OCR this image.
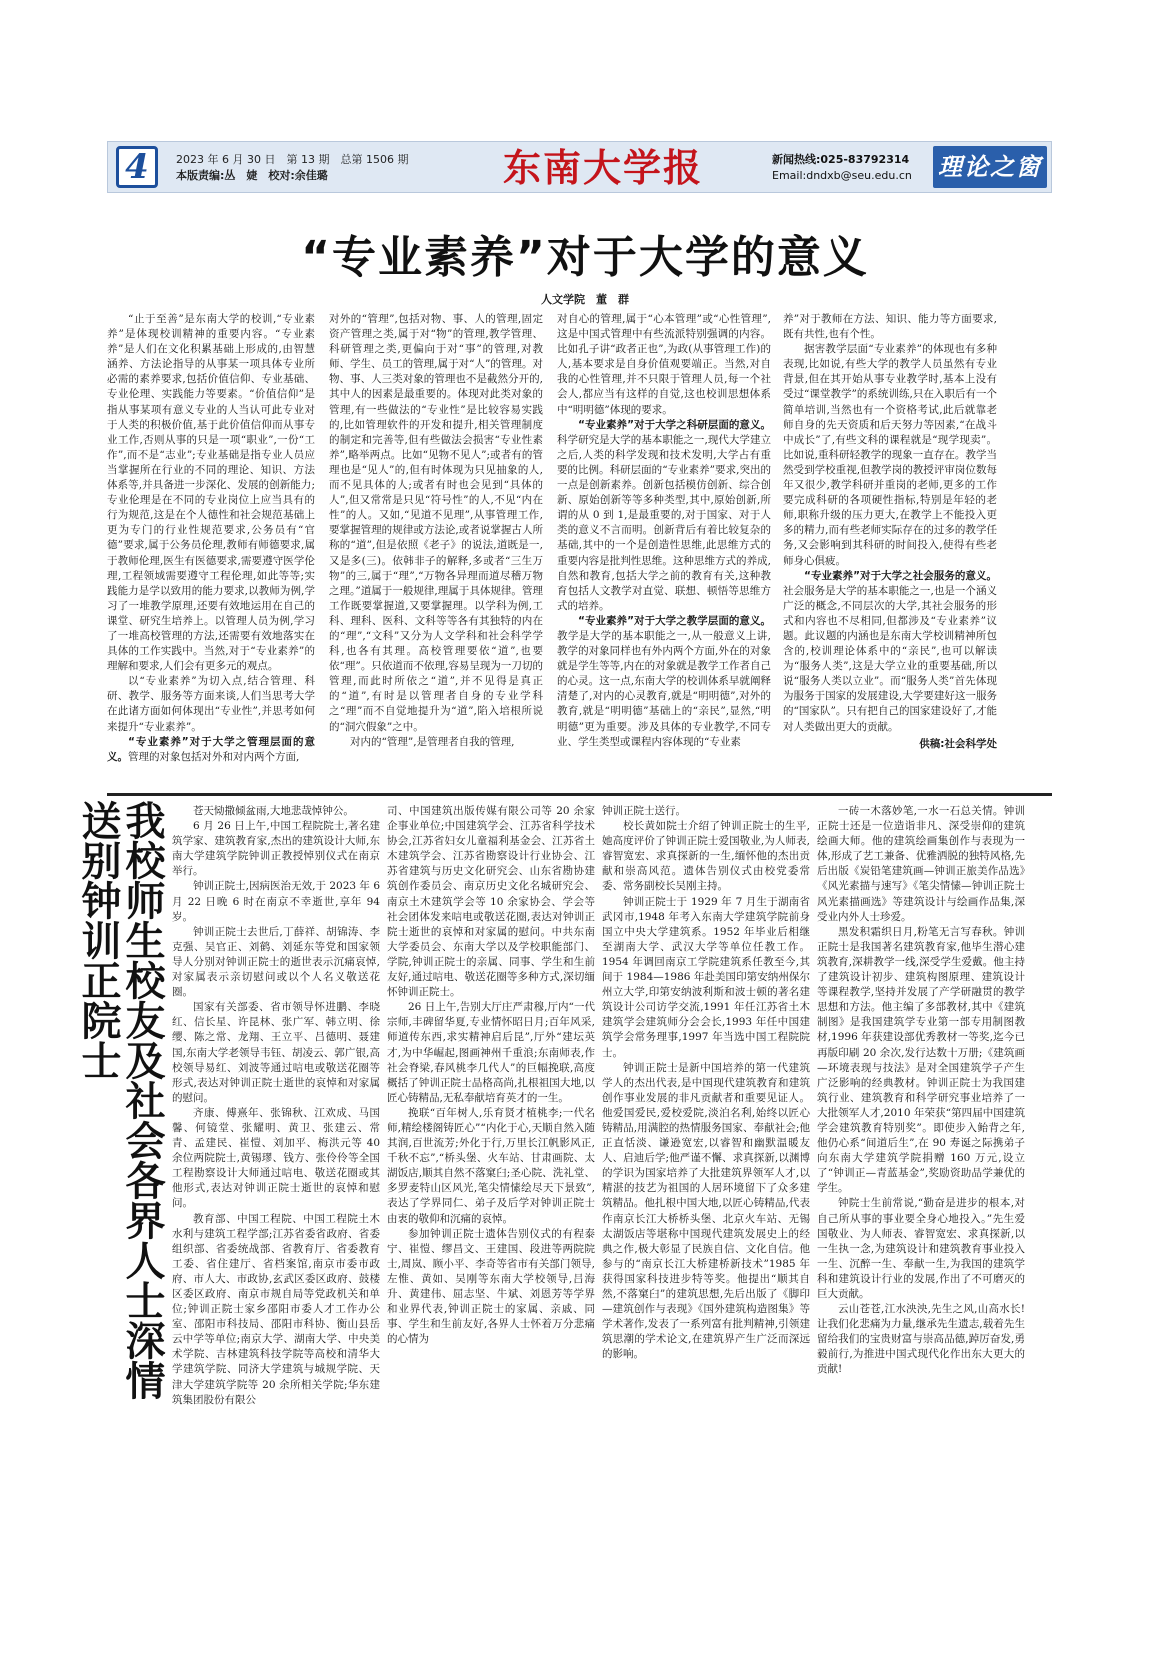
4	2023 年 6 月 30 日　第 13 期　总第 1506 期
本版责编:丛　婕　校对:余佳璐	东南大学报	新闻热线:025-83792314
Email:dndxb@seu.edu.cn 理论之窗
“专业素养”对于大学的意义
人文学院　董　群

“止于至善”是东南大学的校训,“专业素养”是体现校训精神的重要内容。“专业素养”是人们在文化积累基础上形成的,由智慧涵养、方法论指导的从事某一项具体专业所必需的素养要求,包括价值信仰、专业基础、专业伦理、实践能力等要素。“价值信仰”是指从事某项有意义专业的人当认可此专业对于人类的积极价值,基于此价值信仰而从事专业工作,否则从事的只是一项“职业”,一份“工作”,而不是“志业”;专业基础是指专业人员应当掌握所在行业的不同的理论、知识、方法体系等,并具备进一步深化、发展的创新能力;专业伦理是在不同的专业岗位上应当具有的行为规范,这是在个人德性和社会规范基础上更为专门的行业性规范要求,公务员有“官德”要求,属于公务员伦理,教师有师德要求,属于教师伦理,医生有医德要求,需要遵守医学伦理,工程领域需要遵守工程伦理,如此等等;实践能力是学以致用的能力要求,以教师为例,学习了一堆教学原理,还要有效地运用在自己的课堂、研究生培养上。以管理人员为例,学习了一堆高校管理的方法,还需要有效地落实在具体的工作实践中。当然,对于“专业素养”的理解和要求,人们会有更多元的观点。

以“专业素养”为切入点,结合管理、科研、教学、服务等方面来谈,人们当思考大学在此诸方面如何体现出“专业性”,并思考如何来提升“专业素养”。

“专业素养”对于大学之管理层面的意义。管理的对象包括对外和对内两个方面,

对外的“管理”,包括对物、事、人的管理,固定资产管理之类,属于对“物”的管理,教学管理、科研管理之类,更偏向于对“事”的管理,对教师、学生、员工的管理,属于对“人”的管理。对物、事、人三类对象的管理也不是截然分开的,其中人的因素是最重要的。体现对此类对象的管理,有一些做法的“专业性”是比较容易实践的,比如管理软件的开发和提升,相关管理制度的制定和完善等,但有些做法会损害“专业性素养”,略举两点。比如“见物不见人”;或者有的管理也是“见人”的,但有时体现为只见抽象的人,而不见具体的人;或者有时也会见到“具体的人”,但又常常是只见“符号性”的人,不见“内在性”的人。又如,“见道不见理”,从事管理工作,要掌握管理的规律或方法论,或者说掌握古人所称的“道”,但是依照《老子》的说法,道既是一,又是多(三)。依韩非子的解释,多或者“三生万物”的三,属于“理”,“万物各异理而道尽稽万物之理。”道属于一般规律,理属于具体规律。管理工作既要掌握道,又要掌握理。以学科为例,工科、理科、医科、文科等等各有其独特的内在的“理”,“文科”又分为人文学科和社会科学学科,也各有其理。高校管理要依“道”,也要依“理”。只依道而不依理,容易呈现为一刀切的管理,而此时所依之“道”,并不见得是真正的“道”,有时是以管理者自身的专业学科之“理”而不自觉地提升为“道”,陷入培根所说的“洞穴假象”之中。

对内的“管理”,是管理者自我的管理,

对自心的管理,属于“心本管理”或“心性管理”,这是中国式管理中有些流派特别强调的内容。比如孔子讲“政者正也”,为政(从事管理工作)的人,基本要求是自身价值观要端正。当然,对自我的心性管理,并不只限于管理人员,每一个社会人,都应当有这样的自觉,这也校训思想体系中“明明德”体现的要求。

“专业素养”对于大学之科研层面的意义。科学研究是大学的基本职能之一,现代大学建立之后,人类的科学发现和技术发明,大学占有重要的比例。科研层面的“专业素养”要求,突出的一点是创新素养。创新包括模仿创新、综合创新、原始创新等等多种类型,其中,原始创新,所谓的从 0 到 1,是最重要的,对于国家、对于人类的意义不言而明。创新背后有着比较复杂的基础,其中的一个是创造性思维,此思维方式的重要内容是批判性思维。这种思维方式的养成,自然和教育,包括大学之前的教育有关,这种教育包括人文教学对直觉、联想、顿悟等思维方式的培养。

“专业素养”对于大学之教学层面的意义。教学是大学的基本职能之一,从一般意义上讲,教学的对象同样也有外内两个方面,外在的对象就是学生等等,内在的对象就是教学工作者自己的心灵。这一点,东南大学的校训体系早就阐释清楚了,对内的心灵教育,就是“明明德”,对外的教育,就是“明明德”基础上的“亲民”,显然,“明明德”更为重要。涉及具体的专业教学,不同专业、学生类型或课程内容体现的“专业素

养”对于教师在方法、知识、能力等方面要求,既有共性,也有个性。

据害教学层面“专业素养”的体现也有多种表现,比如说,有些大学的教学人员虽然有专业背景,但在其开始从事专业教学时,基本上没有受过“课堂教学”的系统训练,只在入职后有一个简单培训,当然也有一个资格考试,此后就靠老师自身的先天资质和后天努力等因素,“在战斗中成长”了,有些文科的课程就是“现学现卖”。比如说,重科研轻教学的现象一直存在。教学当然受到学校重视,但教学岗的教授评审岗位数每年又很少,教学科研并重岗的老师,更多的工作要完成科研的各项硬性指标,特别是年轻的老师,职称升级的压力更大,在教学上不能投入更多的精力,而有些老师实际存在的过多的教学任务,又会影响到其科研的时间投入,使得有些老师身心俱疲。

“专业素养”对于大学之社会服务的意义。社会服务是大学的基本职能之一,也是一个涵义广泛的概念,不同层次的大学,其社会服务的形式和内容也不尽相同,但都涉及“专业素养”议题。此议题的内涵也是东南大学校训精神所包含的,校训理论体系中的“亲民”,也可以解读为“服务人类”,这是大学立业的重要基础,所以说“服务人类以立业”。而“服务人类”首先体现为服务于国家的发展建设,大学要建好这一服务的“国家队”。只有把自己的国家建设好了,才能对人类做出更大的贡献。

供稿:社会科学处
我校师生校友及社会各界人士深情送别钟训正院士	苍天恸撒倾盆雨,大地悲哉悼钟公。

6 月 26 日上午,中国工程院院士,著名建筑学家、建筑教育家,杰出的建筑设计大师,东南大学建筑学院钟训正教授悼别仪式在南京举行。

钟训正院士,因病医治无效,于 2023 年 6 月 22 日晚 6 时在南京不幸逝世,享年 94 岁。

钟训正院士去世后,丁薛祥、胡锦涛、李克强、吴官正、刘鹤、刘延东等党和国家领导人分别对钟训正院士的逝世表示沉痛哀悼,对家属表示亲切慰问或以个人名义敬送花圈。

国家有关部委、省市领导怀进鹏、李晓红、信长星、许昆林、张广军、韩立明、徐缨、陈之常、龙翔、王立平、吕德明、聂建国,东南大学老领导韦钰、胡凌云、郭广银,高校领导易红、刘波等通过唁电或敬送花圈等形式,表达对钟训正院士逝世的哀悼和对家属的慰问。

齐康、傅熹年、张锦秋、江欢成、马国馨、何镜堂、张耀明、黄卫、张建云、常青、孟建民、崔愷、刘加平、梅洪元等 40 余位两院院士,黄锡璆、钱方、张伶伶等全国工程勘察设计大师通过唁电、敬送花圈或其他形式,表达对钟训正院士逝世的哀悼和慰问。

教育部、中国工程院、中国工程院土木水利与建筑工程学部;江苏省委省政府、省委组织部、省委统战部、省教育厅、省委教育工委、省住建厅、省档案馆,南京市委市政府、市人大、市政协,玄武区委区政府、鼓楼区委区政府、南京市规自局等党政机关和单位;钟训正院士家乡邵阳市委人才工作办公室、邵阳市科技局、邵阳市科协、衡山县岳云中学等单位;南京大学、湖南大学、中央美术学院、吉林建筑科技学院等高校和清华大学建筑学院、同济大学建筑与城规学院、天津大学建筑学院等 20 余所相关学院;华东建筑集团股份有限公

司、中国建筑出版传媒有限公司等 20 余家企事业单位;中国建筑学会、江苏省科学技术协会,江苏省妇女儿童福利基金会、江苏省土木建筑学会、江苏省勘察设计行业协会、江苏省建筑与历史文化研究会、山东省勘协建筑创作委员会、南京历史文化名城研究会、南京土木建筑学会等 10 余家协会、学会等社会团体发来唁电或敬送花圈,表达对钟训正院士逝世的哀悼和对家属的慰问。中共东南大学委员会、东南大学以及学校职能部门、学院,钟训正院士的亲属、同事、学生和生前友好,通过唁电、敬送花圈等多种方式,深切缅怀钟训正院士。

26 日上午,告别大厅庄严肃穆,厅内“一代宗师,丰碑留华夏,专业情怀昭日月;百年风采,师道传东西,求实精神启后昆”,厅外“建坛英才,为中华崛起,图画神州千重浪;东南师表,作社会脊梁,春风桃李几代人”的巨幅挽联,高度概括了钟训正院士品格高尚,扎根祖国大地,以匠心铸精品,无私奉献培育英才的一生。

挽联“百年树人,乐育贤才植桃李;一代名师,精绘楼阁铸匠心”“内化于心,天顺自然入随其润,百世流芳;外化于行,万里长江帆影风正,千秋不忘”,“桥头堡、火车站、甘肃画院、太湖饭店,顺其自然不落窠臼;圣心院、洗礼堂、多罗麦特山区风光,笔尖情愫绘尽天下景致”,表达了学界同仁、弟子及后学对钟训正院士由衷的敬仰和沉痛的哀悼。

参加钟训正院士遗体告别仪式的有程泰宁、崔愷、缪昌文、王建国、段进等两院院士,周岚、顾小平、李奇等省市有关部门领导,左惟、黄如、吴刚等东南大学校领导,吕海升、黄建伟、屈志坚、牛斌、刘恩芳等学界和业界代表,钟训正院士的家属、亲戚、同事、学生和生前友好,各界人士怀着万分悲痛的心情为

钟训正院士送行。

校长黄如院士介绍了钟训正院士的生平,她高度评价了钟训正院士爱国敬业,为人师表,睿智宽宏、求真探新的一生,缅怀他的杰出贡献和崇高风范。遗体告别仪式由校党委常委、常务副校长吴刚主持。

钟训正院士于 1929 年 7 月生于湖南省武冈市,1948 年考入东南大学建筑学院前身国立中央大学建筑系。1952 年毕业后相继至湖南大学、武汉大学等单位任教工作。1954 年调回南京工学院建筑系任教至今,其间于 1984—1986 年赴美国印第安纳州保尔州立大学,印第安纳波利斯和波士顿的著名建筑设计公司访学交流,1991 年任江苏省土木建筑学会建筑师分会会长,1993 年任中国建筑学会常务理事,1997 年当选中国工程院院士。

钟训正院士是新中国培养的第一代建筑学人的杰出代表,是中国现代建筑教育和建筑创作事业发展的非凡贡献者和重要见证人。他爱国爱民,爱校爱院,淡泊名利,始终以匠心铸精品,用满腔的热情服务国家、奉献社会;他正直恬淡、谦逊宽宏,以睿智和幽默温暖友人、启迪后学;他严谨不懈、求真探新,以渊博的学识为国家培养了大批建筑界领军人才,以精湛的技艺为祖国的人居环境留下了众多建筑精品。他扎根中国大地,以匠心铸精品,代表作南京长江大桥桥头堡、北京火车站、无锡太湖饭店等堪称中国现代建筑发展史上的经典之作,极大彰显了民族自信、文化自信。他参与的“南京长江大桥建桥新技术”1985 年获得国家科技进步特等奖。他提出“顺其自然,不落窠臼”的建筑思想,先后出版了《脚印—建筑创作与表现》《国外建筑构造图集》等学术著作,发表了一系列富有批判精神,引领建筑思潮的学术论文,在建筑界产生广泛而深远的影响。

一砖一木落妙笔,一水一石总关情。钟训正院士还是一位造诣非凡、深受崇仰的建筑绘画大师。他的建筑绘画集创作与表现为一体,形成了艺工兼备、优雅洒脱的独特风格,先后出版《炭铅笔建筑画—钟训正旅美作品选》《风光素描与速写》《笔尖情愫—钟训正院士风光素描画选》等建筑设计与绘画作品集,深受业内外人士珍爱。

黑发积霜织日月,粉笔无言写春秋。钟训正院士是我国著名建筑教育家,他毕生潜心建筑教育,深耕教学一线,深受学生爱戴。他主持了建筑设计初步、建筑构图原理、建筑设计等课程教学,坚持并发展了产学研融贯的教学思想和方法。他主编了多部教材,其中《建筑制图》是我国建筑学专业第一部专用制图教材,1996 年获建设部优秀教材一等奖,迄今已再版印刷 20 余次,发行达数十万册;《建筑画—环境表现与技法》是对全国建筑学子产生广泛影响的经典教材。钟训正院士为我国建筑行业、建筑教育和科学研究事业培养了一大批领军人才,2010 年荣获“第四届中国建筑学会建筑教育特别奖”。即使步入鲐背之年,他仍心系“间道后生”,在 90 寿诞之际携弟子向东南大学建筑学院捐赠 160 万元,设立了“钟训正—青蓝基金”,奖励资助品学兼优的学生。

钟院士生前常说,“勤奋是进步的根本,对自己所从事的事业要全身心地投入。”先生爱国敬业、为人师表、睿智宽宏、求真探新,以一生执一念,为建筑设计和建筑教育事业投入一生、沉醉一生、奉献一生,为我国的建筑学科和建筑设计行业的发展,作出了不可磨灭的巨大贡献。

云山苍苍,江水泱泱,先生之风,山高水长!让我们化悲痛为力量,继承先生遗志,载着先生留给我们的宝贵财富与崇高品德,踔厉奋发,勇毅前行,为推进中国式现代化作出东大更大的贡献!
